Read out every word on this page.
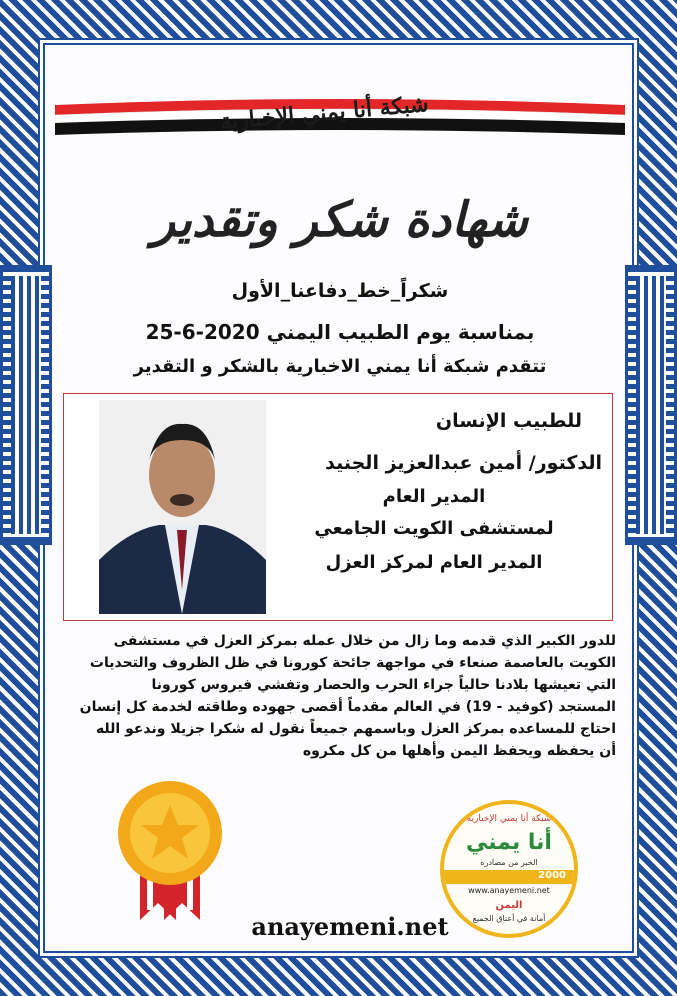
شبكة أنا يمني الإخبارية
شهادة شكر وتقدير
شكراً_خط_دفاعنا_الأول
بمناسبة يوم الطبيب اليمني 2020-6-25
تتقدم شبكة أنا يمني الاخبارية بالشكر و التقدير
للطبيب الإنسان
الدكتور/ أمين عبدالعزيز الجنيد
المدير العام
لمستشفى الكويت الجامعي
المدير العام لمركز العزل
للدور الكبير الذي قدمه وما زال من خلال عمله بمركز العزل في مستشفى
الكويت بالعاصمة صنعاء في مواجهة جائحة كورونا في ظل الظروف والتحديات
التي تعيشها بلادنا حالياً جراء الحرب والحصار وتفشي فيروس كورونا
المستجد (كوفيد - 19) في العالم مقدماً أقصى جهوده وطاقته لخدمة كل إنسان
احتاج للمساعده بمركز العزل وباسمهم جميعاً نقول له شكرا جزيلا وندعو الله
أن يحفظه ويحفظ اليمن وأهلها من كل مكروه
anayemeni.net
شبكة أنا يمني الإخبارية
أنا يمني
الخبر من مصادره
2000
www.anayemeni.net
اليمن
أمانة في أعناق الجميع
